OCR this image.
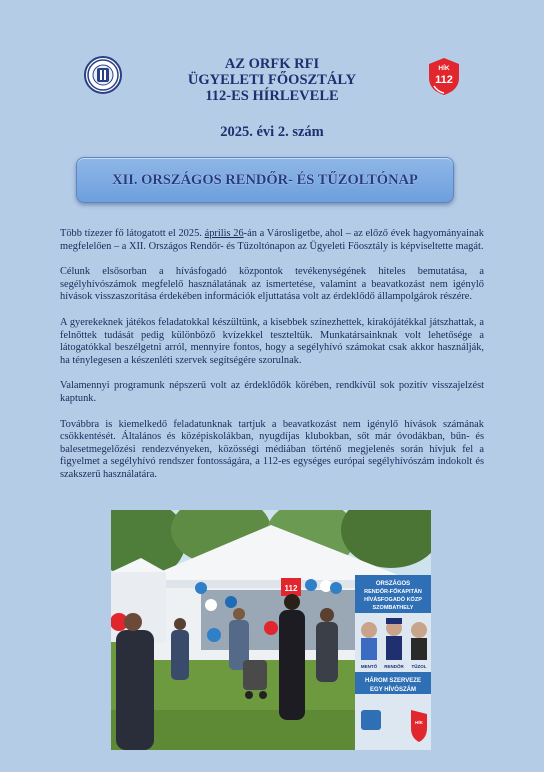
AZ ORFK RFI
ÜGYELETI FŐOSZTÁLY
112-ES HÍRLEVELE
HÍK
112
2025. évi 2. szám
XII. ORSZÁGOS RENDŐR- ÉS TŰZOLTÓNAP

Több tízezer fő látogatott el 2025. április 26-án a Városligetbe, ahol – az előző évek hagyományainak megfelelően – a XII. Országos Rendőr- és Tűzoltónapon az Ügyeleti Főosztály is képviseltette magát.

Célunk elsősorban a hívásfogadó központok tevékenységének hiteles bemutatása, a segélyhívószámok megfelelő használatának az ismertetése, valamint a beavatkozást nem igénylő hívások visszaszorítása érdekében információk eljuttatása volt az érdeklődő állampolgárok részére.

A gyerekeknek játékos feladatokkal készültünk, a kisebbek színezhettek, kirakójátékkal játszhattak, a felnőttek tudását pedig különböző kvízekkel teszteltük. Munkatársainknak volt lehetősége a látogatókkal beszélgetni arról, mennyire fontos, hogy a segélyhívó számokat csak akkor használják, ha ténylegesen a készenléti szervek segítségére szorulnak.

Valamennyi programunk népszerű volt az érdeklődők körében, rendkívül sok pozitív visszajelzést kaptunk.

Továbbra is kiemelkedő feladatunknak tartjuk a beavatkozást nem igénylő hívások számának csökkentését. Általános és középiskolákban, nyugdíjas klubokban, sőt már óvodákban, bűn- és balesetmegelőzési rendezvényeken, közösségi médiában történő megjelenés során hívjuk fel a figyelmet a segélyhívó rendszer fontosságára, a 112-es egységes európai segélyhívószám indokolt és szakszerű használatára.

112	ORSZÁGOS
RENDŐR-FŐKAPITÁN
HÍVÁSFOGADÓ KÖZP
SZOMBATHELY
MENTŐ RENDŐR TŰZOL
HÁROM SZERVEZE
EGY HÍVÓSZÁM
HÍK
